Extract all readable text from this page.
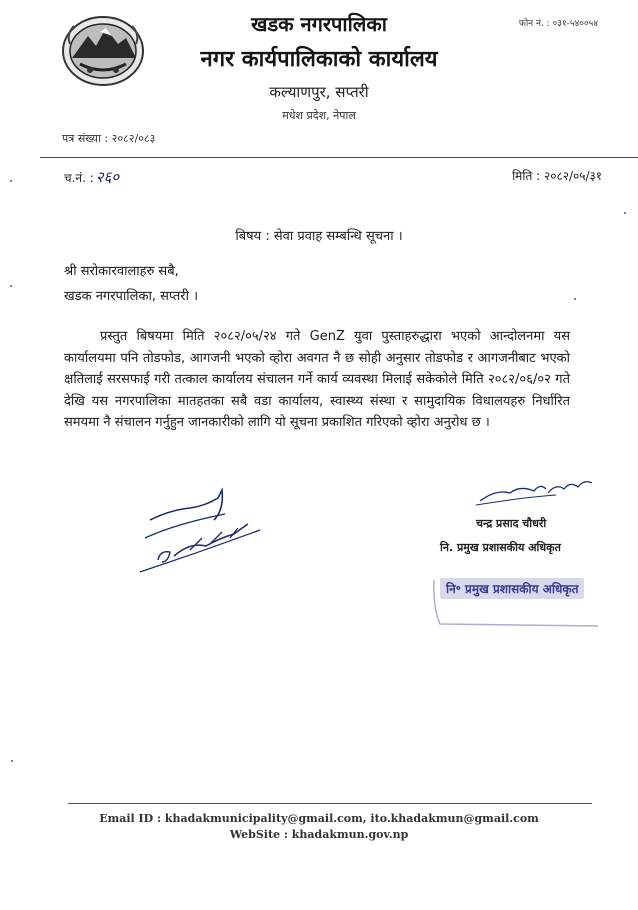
खडक नगरपालिका
नगर कार्यपालिकाको कार्यालय
कल्याणपुर, सप्तरी
मधेश प्रदेश, नेपाल
फोन नं. : ०३१-५४००५४
पत्र संख्या : २०८२/०८३
च.नं. : २६०	मिति : २०८२/०५/३१
बिषय : सेवा प्रवाह सम्बन्धि सूचना ।
श्री सरोकारवालाहरु सबै,
खडक नगरपालिका, सप्तरी ।
प्रस्तुत बिषयमा मिति २०८२/०५/२४ गते GenZ युवा पुस्ताहरुद्धारा भएको आन्दोलनमा यस कार्यालयमा पनि तोडफोड, आगजनी भएको व्होरा अवगत नै छ सोही अनुसार तोडफोड र आगजनीबाट भएको क्षतिलाई सरसफाई गरी तत्काल कार्यालय संचालन गर्ने कार्य व्यवस्था मिलाई सकेकोले मिति २०८२/०६/०२ गते देखि यस नगरपालिका मातहतका सबै वडा कार्यालय, स्वास्थ्य संस्था र सामुदायिक विधालयहरु निर्धारित समयमा नै संचालन गर्नुहुन जानकारीको लागि यो सूचना प्रकाशित गरिएको व्होरा अनुरोध छ ।
चन्द्र प्रसाद चौधरी
नि. प्रमुख प्रशासकीय अधिकृत
नि॰ प्रमुख प्रशासकीय अधिकृत
Email ID : khadakmunicipality@gmail.com, ito.khadakmun@gmail.com
WebSite : khadakmun.gov.np
